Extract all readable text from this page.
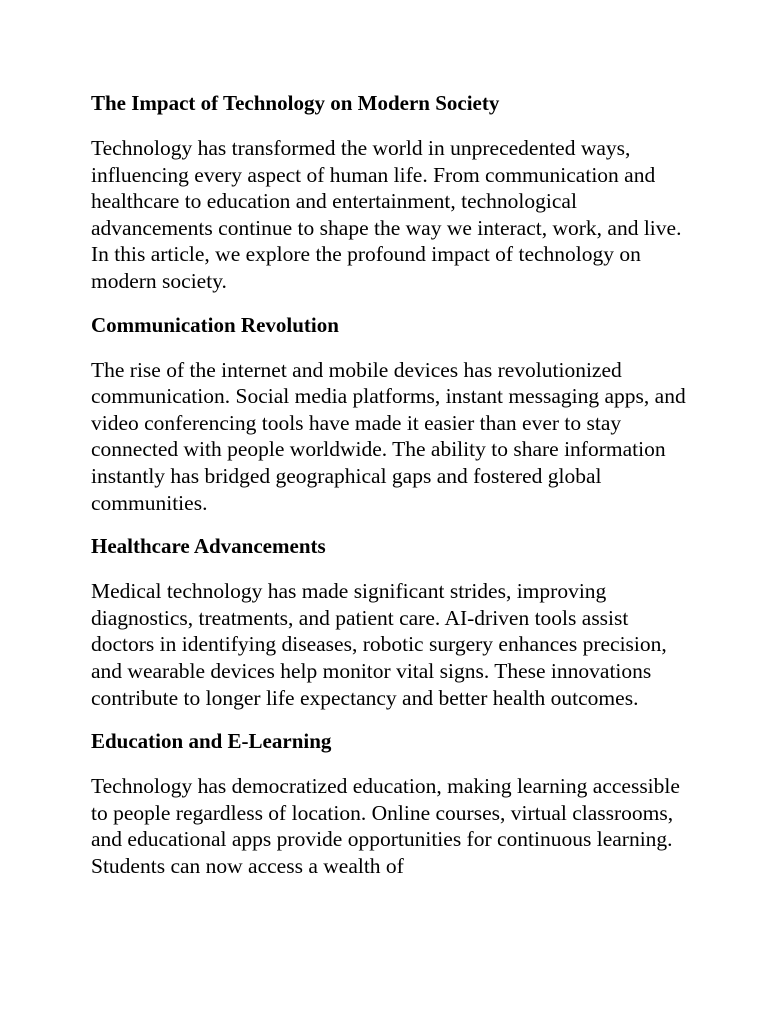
The Impact of Technology on Modern Society
Technology has transformed the world in unprecedented ways, influencing every aspect of human life. From communication and healthcare to education and entertainment, technological advancements continue to shape the way we interact, work, and live. In this article, we explore the profound impact of technology on modern society.
Communication Revolution
The rise of the internet and mobile devices has revolutionized communication. Social media platforms, instant messaging apps, and video conferencing tools have made it easier than ever to stay connected with people worldwide. The ability to share information instantly has bridged geographical gaps and fostered global communities.
Healthcare Advancements
Medical technology has made significant strides, improving diagnostics, treatments, and patient care. AI-driven tools assist doctors in identifying diseases, robotic surgery enhances precision, and wearable devices help monitor vital signs. These innovations contribute to longer life expectancy and better health outcomes.
Education and E-Learning
Technology has democratized education, making learning accessible to people regardless of location. Online courses, virtual classrooms, and educational apps provide opportunities for continuous learning. Students can now access a wealth of
